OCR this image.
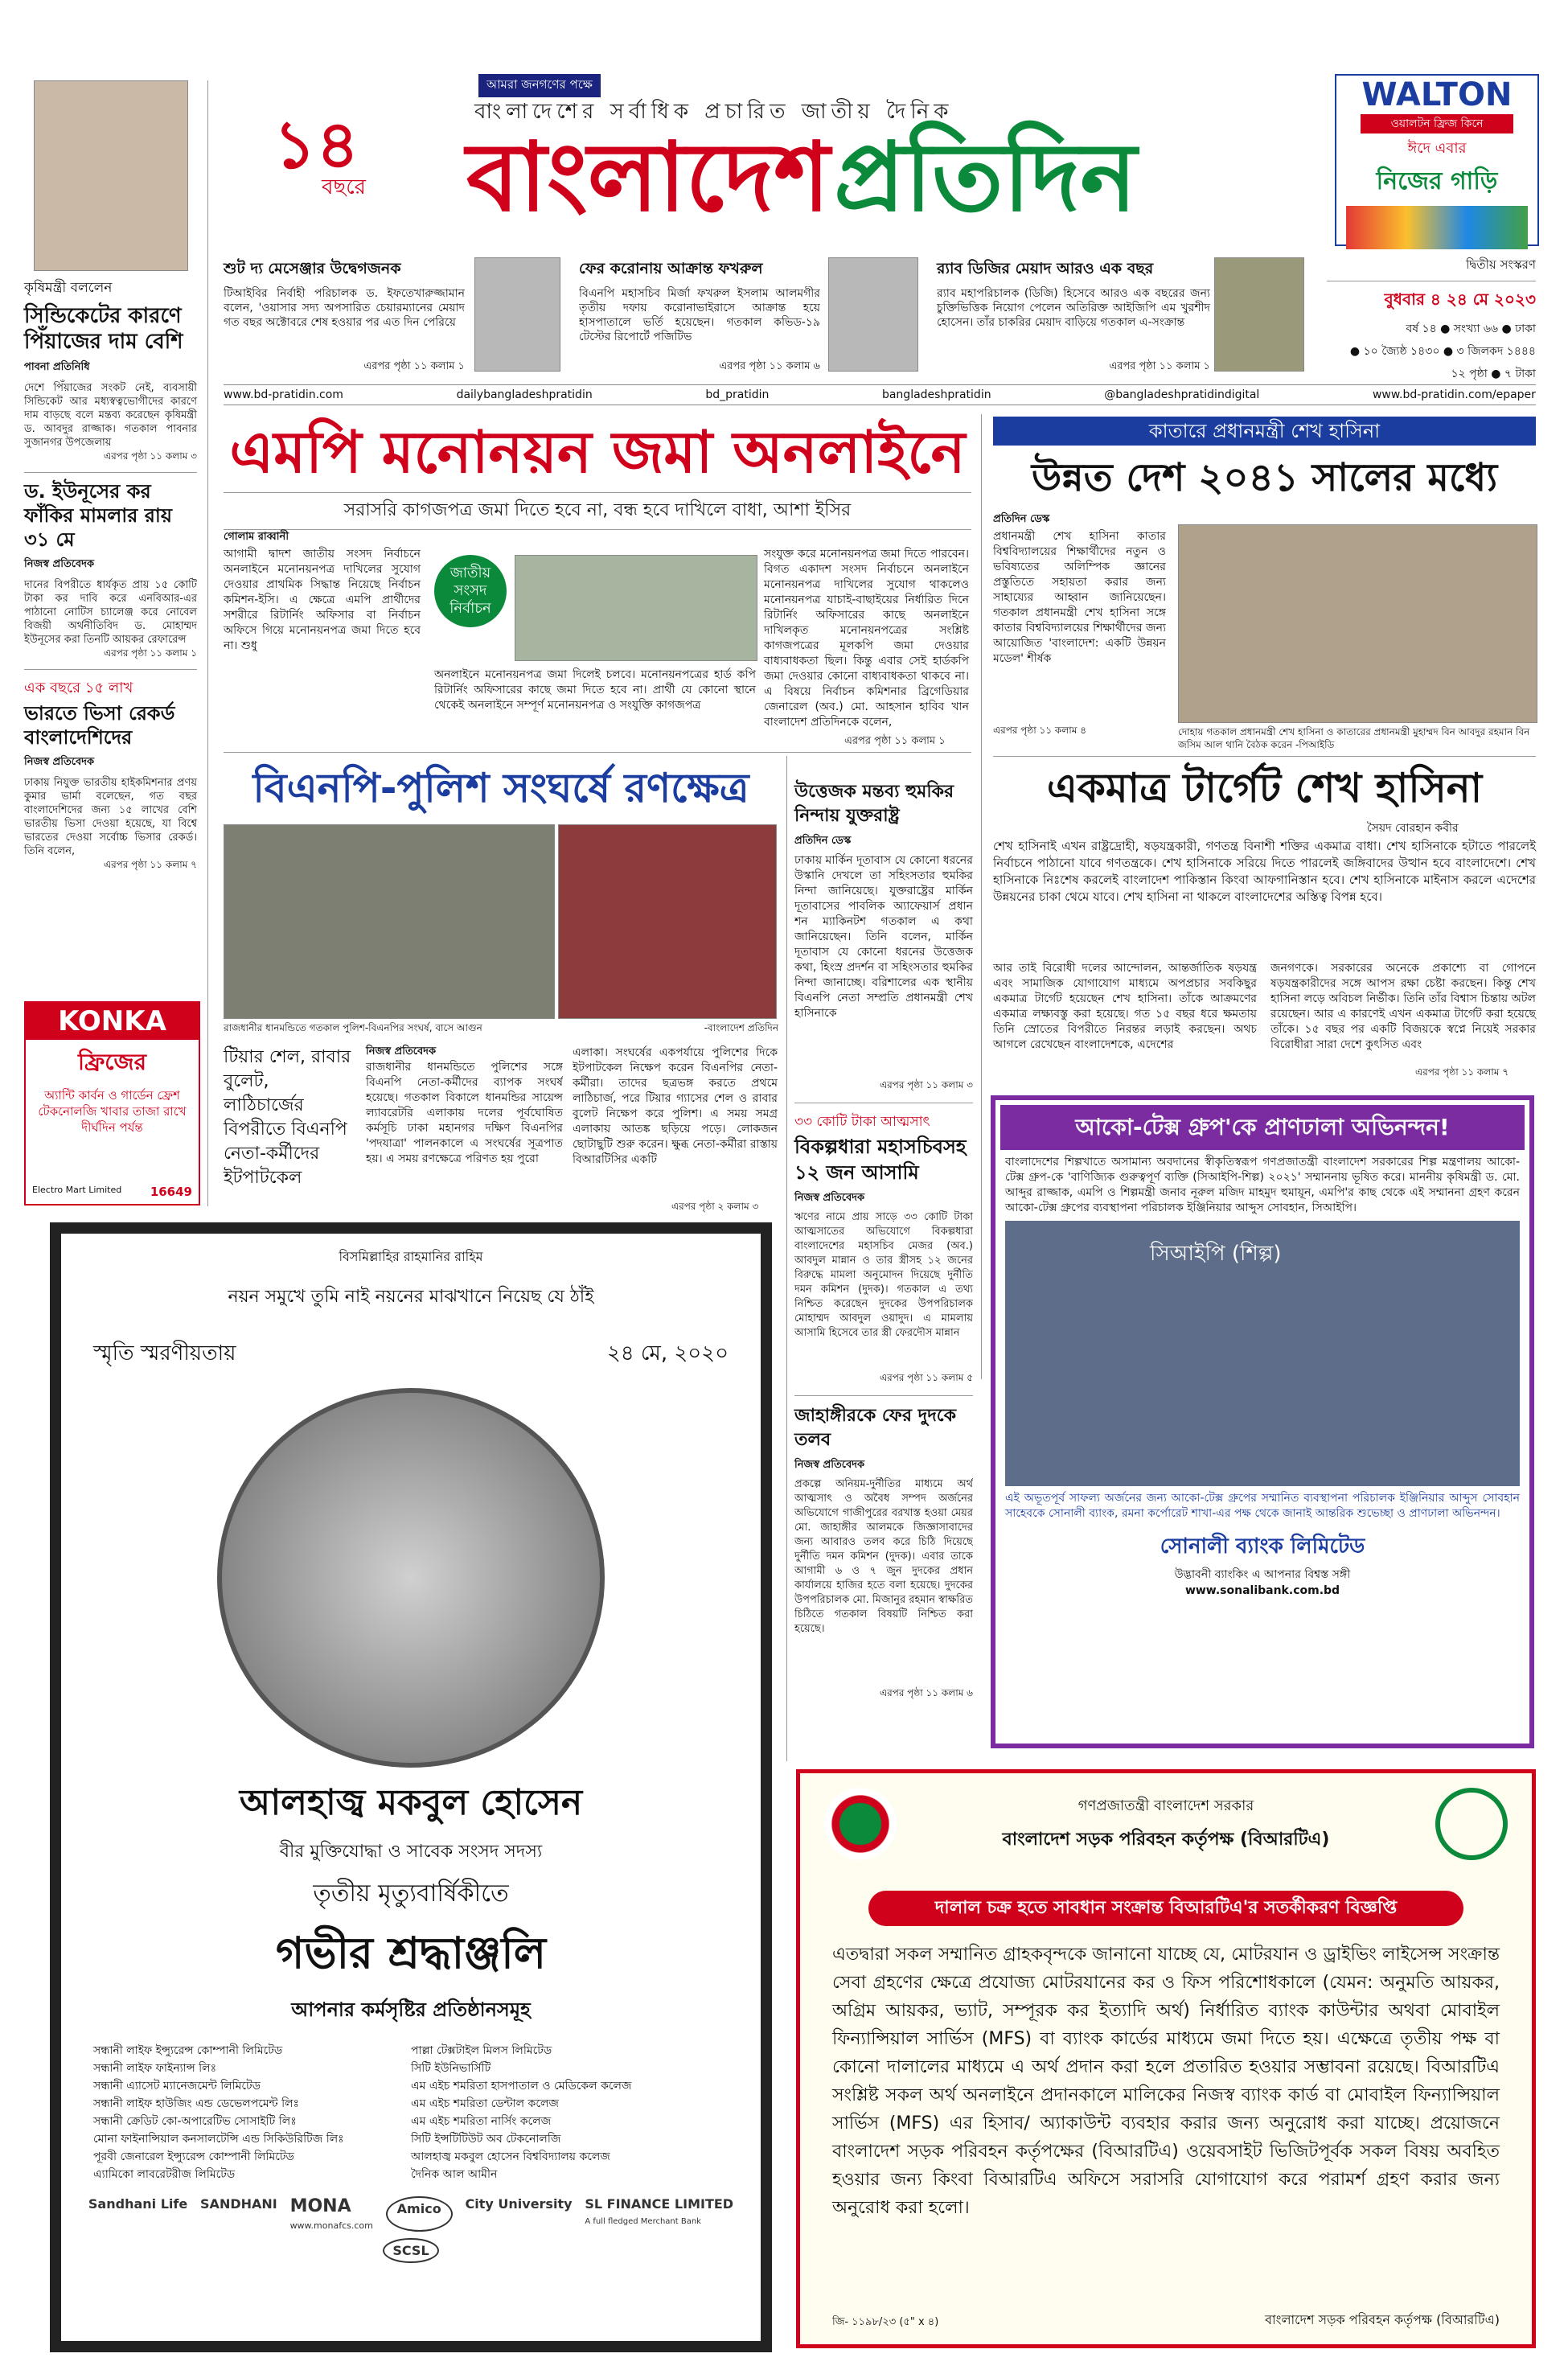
১৪
বছরে
আমরা জনগণের পক্ষে
বাংলাদেশের সর্বাধিক প্রচারিত জাতীয় দৈনিক
বাংলাদেশ প্রতিদিন
WALTON
ওয়ালটন ফ্রিজ কিনে
ঈদে এবার
নিজের গাড়ি
শুট দ্য মেসেঞ্জার উদ্বেগজনক
টিআইবির নির্বাহী পরিচালক ড. ইফতেখারুজ্জামান বলেন, 'ওয়াসার সদ্য অপসারিত চেয়ারম্যানের মেয়াদ গত বছর অক্টোবরে শেষ হওয়ার পর এত দিন পেরিয়ে
এরপর পৃষ্ঠা ১১ কলাম ১
ফের করোনায় আক্রান্ত ফখরুল
বিএনপি মহাসচিব মির্জা ফখরুল ইসলাম আলমগীর তৃতীয় দফায় করোনাভাইরাসে আক্রান্ত হয়ে হাসপাতালে ভর্তি হয়েছেন। গতকাল কভিড-১৯ টেস্টের রিপোর্টে পজিটিভ
এরপর পৃষ্ঠা ১১ কলাম ৬
র‌্যাব ডিজির মেয়াদ আরও এক বছর
র‌্যাব মহাপরিচালক (ডিজি) হিসেবে আরও এক বছরের জন্য চুক্তিভিত্তিক নিয়োগ পেলেন অতিরিক্ত আইজিপি এম খুরশীদ হোসেন। তাঁর চাকরির মেয়াদ বাড়িয়ে গতকাল এ-সংক্রান্ত
এরপর পৃষ্ঠা ১১ কলাম ১
দ্বিতীয় সংস্করণ
বুধবার ৪ ২৪ মে ২০২৩
বর্ষ ১৪ ● সংখ্যা ৬৬ ● ঢাকা
● ১০ জ্যৈষ্ঠ ১৪৩০ ● ৩ জিলকদ ১৪৪৪
১২ পৃষ্ঠা ● ৭ টাকা
www.bd-pratidin.com	dailybangladeshpratidin	bd_pratidin	bangladeshpratidin	@bangladeshpratidindigital	www.bd-pratidin.com/epaper
কৃষিমন্ত্রী বললেন
সিন্ডিকেটের কারণে পিঁয়াজের দাম বেশি
পাবনা প্রতিনিধি
দেশে পিঁয়াজের সংকট নেই, ব্যবসায়ী সিন্ডিকেট আর মধ্যস্বত্বভোগীদের কারণে দাম বাড়ছে বলে মন্তব্য করেছেন কৃষিমন্ত্রী ড. আবদুর রাজ্জাক। গতকাল পাবনার সুজানগর উপজেলায়
এরপর পৃষ্ঠা ১১ কলাম ৩
ড. ইউনূসের কর ফাঁকির মামলার রায় ৩১ মে
নিজস্ব প্রতিবেদক
দানের বিপরীতে ধার্যকৃত প্রায় ১৫ কোটি টাকা কর দাবি করে এনবিআর-এর পাঠানো নোটিস চ্যালেঞ্জ করে নোবেল বিজয়ী অর্থনীতিবিদ ড. মোহাম্মদ ইউনূসের করা তিনটি আয়কর রেফারেন্স
এরপর পৃষ্ঠা ১১ কলাম ১
এক বছরে ১৫ লাখ
ভারতে ভিসা রেকর্ড বাংলাদেশিদের
নিজস্ব প্রতিবেদক
ঢাকায় নিযুক্ত ভারতীয় হাইকমিশনার প্রণয় কুমার ভার্মা বলেছেন, গত বছর বাংলাদেশিদের জন্য ১৫ লাখের বেশি ভারতীয় ভিসা দেওয়া হয়েছে, যা বিশ্বে ভারতের দেওয়া সর্বোচ্চ ভিসার রেকর্ড। তিনি বলেন,
এরপর পৃষ্ঠা ১১ কলাম ৭
KONKA
ফ্রিজের
অ্যান্টি কার্বন ও গার্ডেন ফ্রেশ টেকনোলজি খাবার তাজা রাখে দীর্ঘদিন পর্যন্ত
Electro Mart Limited 16649
এমপি মনোনয়ন জমা অনলাইনে
সরাসরি কাগজপত্র জমা দিতে হবে না, বন্ধ হবে দাখিলে বাধা, আশা ইসির
গোলাম রাব্বানী
আগামী দ্বাদশ জাতীয় সংসদ নির্বাচনে অনলাইনে মনোনয়নপত্র দাখিলের সুযোগ দেওয়ার প্রাথমিক সিদ্ধান্ত নিয়েছে নির্বাচন কমিশন-ইসি। এ ক্ষেত্রে এমপি প্রার্থীদের সশরীরে রিটার্নিং অফিসার বা নির্বাচন অফিসে গিয়ে মনোনয়নপত্র জমা দিতে হবে না। শুধু
জাতীয়
সংসদ
নির্বাচন
অনলাইনে মনোনয়নপত্র জমা দিলেই চলবে। মনোনয়নপত্রের হার্ড কপি রিটার্নিং অফিসারের কাছে জমা দিতে হবে না। প্রার্থী যে কোনো স্থানে থেকেই অনলাইনে সম্পূর্ণ মনোনয়নপত্র ও সংযুক্তি কাগজপত্র
সংযুক্ত করে মনোনয়নপত্র জমা দিতে পারবেন। বিগত একাদশ সংসদ নির্বাচনে অনলাইনে মনোনয়নপত্র দাখিলের সুযোগ থাকলেও মনোনয়নপত্র যাচাই-বাছাইয়ের নির্ধারিত দিনে রিটার্নিং অফিসারের কাছে অনলাইনে দাখিলকৃত মনোনয়নপত্রের সংশ্লিষ্ট কাগজপত্রের মূলকপি জমা দেওয়ার বাধ্যবাধকতা ছিল। কিন্তু এবার সেই হার্ডকপি জমা দেওয়ার কোনো বাধ্যবাধকতা থাকবে না। এ বিষয়ে নির্বাচন কমিশনার ব্রিগেডিয়ার জেনারেল (অব.) মো. আহসান হাবিব খান বাংলাদেশ প্রতিদিনকে বলেন,
এরপর পৃষ্ঠা ১১ কলাম ১
কাতারে প্রধানমন্ত্রী শেখ হাসিনা
উন্নত দেশ ২০৪১ সালের মধ্যে
প্রতিদিন ডেস্ক
প্রধানমন্ত্রী শেখ হাসিনা কাতার বিশ্ববিদ্যালয়ের শিক্ষার্থীদের নতুন ও ভবিষ্যতের অলিম্পিক জ্ঞানের প্রস্তুতিতে সহায়তা করার জন্য সাহায্যের আহ্বান জানিয়েছেন। গতকাল প্রধানমন্ত্রী শেখ হাসিনা সঙ্গে কাতার বিশ্ববিদ্যালয়ের শিক্ষার্থীদের জন্য আয়োজিত 'বাংলাদেশ: একটি উন্নয়ন মডেল' শীর্ষক
এরপর পৃষ্ঠা ১১ কলাম ৪	দোহায় গতকাল প্রধানমন্ত্রী শেখ হাসিনা ও কাতারের প্রধানমন্ত্রী মুহাম্মদ বিন আবদুর রহমান বিন জসিম আল থানি বৈঠক করেন -পিআইডি
একমাত্র টার্গেট শেখ হাসিনা
সৈয়দ বোরহান কবীর
শেখ হাসিনাই এখন রাষ্ট্রদ্রোহী, ষড়যন্ত্রকারী, গণতন্ত্র বিনাশী শক্তির একমাত্র বাধা। শেখ হাসিনাকে হটাতে পারলেই নির্বাচনে পাঠানো যাবে গণতন্ত্রকে। শেখ হাসিনাকে সরিয়ে দিতে পারলেই জঙ্গিবাদের উত্থান হবে বাংলাদেশে। শেখ হাসিনাকে নিঃশেষ করলেই বাংলাদেশ পাকিস্তান কিংবা আফগানিস্তান হবে। শেখ হাসিনাকে মাইনাস করলে এদেশের উন্নয়নের চাকা থেমে যাবে। শেখ হাসিনা না থাকলে বাংলাদেশের অস্তিত্ব বিপন্ন হবে।
আর তাই বিরোধী দলের আন্দোলন, আন্তর্জাতিক ষড়যন্ত্র এবং সামাজিক যোগাযোগ মাধ্যমে অপপ্রচার সবকিছুর একমাত্র টার্গেট হয়েছেন শেখ হাসিনা। তাঁকে আক্রমণের একমাত্র লক্ষ্যবস্তু করা হয়েছে। গত ১৫ বছর ধরে ক্ষমতায় তিনি স্রোতের বিপরীতে নিরন্তর লড়াই করছেন। অথচ আগলে রেখেছেন বাংলাদেশকে, এদেশের
জনগণকে। সরকারের অনেকে প্রকাশ্যে বা গোপনে ষড়যন্ত্রকারীদের সঙ্গে আপস রক্ষা চেষ্টা করছেন। কিন্তু শেখ হাসিনা লড়ে অবিচল নির্ভীক। তিনি তাঁর বিশ্বাস চিন্তায় অটল রয়েছেন। আর এ কারণেই এখন একমাত্র টার্গেট করা হয়েছে তাঁকে। ১৫ বছর পর একটি বিজয়কে স্বপ্নে নিয়েই সরকার বিরোধীরা সারা দেশে কুৎসিত এবং
এরপর পৃষ্ঠা ১১ কলাম ৭
বিএনপি-পুলিশ সংঘর্ষে রণক্ষেত্র
রাজধানীর ধানমন্ডিতে গতকাল পুলিশ-বিএনপির সংঘর্ষ, বাসে আগুন	-বাংলাদেশ প্রতিদিন
টিয়ার শেল, রাবার বুলেট, লাঠিচার্জের বিপরীতে বিএনপি নেতা-কর্মীদের ইটপাটকেল
নিজস্ব প্রতিবেদক
রাজধানীর ধানমন্ডিতে পুলিশের সঙ্গে বিএনপি নেতা-কর্মীদের ব্যাপক সংঘর্ষ হয়েছে। গতকাল বিকালে ধানমন্ডির সায়েন্স ল্যাবরেটরি এলাকায় দলের পূর্বঘোষিত কর্মসূচি ঢাকা মহানগর দক্ষিণ বিএনপির 'পদযাত্রা' পালনকালে এ সংঘর্ষের সূত্রপাত হয়। এ সময় রণক্ষেত্রে পরিণত হয় পুরো
এলাকা। সংঘর্ষের একপর্যায়ে পুলিশের দিকে ইটপাটকেল নিক্ষেপ করেন বিএনপির নেতা-কর্মীরা। তাদের ছত্রভঙ্গ করতে প্রথমে লাঠিচার্জ, পরে টিয়ার গ্যাসের শেল ও রাবার বুলেট নিক্ষেপ করে পুলিশ। এ সময় সমগ্র এলাকায় আতঙ্ক ছড়িয়ে পড়ে। লোকজন ছোটাছুটি শুরু করেন। ক্ষুব্ধ নেতা-কর্মীরা রাস্তায় বিআরটিসির একটি
এরপর পৃষ্ঠা ২ কলাম ৩
উত্তেজক মন্তব্য হুমকির নিন্দায় যুক্তরাষ্ট্র
প্রতিদিন ডেস্ক
ঢাকায় মার্কিন দূতাবাস যে কোনো ধরনের উস্কানি দেখলে তা সহিংসতার হুমকির নিন্দা জানিয়েছে। যুক্তরাষ্ট্রের মার্কিন দূতাবাসের পাবলিক অ্যাফেয়ার্স প্রধান শন ম্যাকিনটশ গতকাল এ কথা জানিয়েছেন। তিনি বলেন, মার্কিন দূতাবাস যে কোনো ধরনের উত্তেজক কথা, হিংস্র প্রদর্শন বা সহিংসতার হুমকির নিন্দা জানাচ্ছে। বরিশালের এক স্থানীয় বিএনপি নেতা সম্প্রতি প্রধানমন্ত্রী শেখ হাসিনাকে
এরপর পৃষ্ঠা ১১ কলাম ৩
৩৩ কোটি টাকা আত্মসাৎ
বিকল্পধারা মহাসচিবসহ ১২ জন আসামি
নিজস্ব প্রতিবেদক
ঋণের নামে প্রায় সাড়ে ৩৩ কোটি টাকা আত্মসাতের অভিযোগে বিকল্পধারা বাংলাদেশের মহাসচিব মেজর (অব.) আবদুল মান্নান ও তার স্ত্রীসহ ১২ জনের বিরুদ্ধে মামলা অনুমোদন দিয়েছে দুর্নীতি দমন কমিশন (দুদক)। গতকাল এ তথ্য নিশ্চিত করেছেন দুদকের উপপরিচালক মোহাম্মদ আবদুল ওয়াদুদ। এ মামলায় আসামি হিসেবে তার স্ত্রী ফেরদৌস মান্নান
এরপর পৃষ্ঠা ১১ কলাম ৫
জাহাঙ্গীরকে ফের দুদকে তলব
নিজস্ব প্রতিবেদক
প্রকল্পে অনিয়ম-দুর্নীতির মাধ্যমে অর্থ আত্মসাৎ ও অবৈধ সম্পদ অর্জনের অভিযোগে গাজীপুরের বরখাস্ত হওয়া মেয়র মো. জাহাঙ্গীর আলমকে জিজ্ঞাসাবাদের জন্য আবারও তলব করে চিঠি দিয়েছে দুর্নীতি দমন কমিশন (দুদক)। এবার তাকে আগামী ৬ ও ৭ জুন দুদকের প্রধান কার্যালয়ে হাজির হতে বলা হয়েছে। দুদকের উপপরিচালক মো. মিজানুর রহমান স্বাক্ষরিত চিঠিতে গতকাল বিষয়টি নিশ্চিত করা হয়েছে।
এরপর পৃষ্ঠা ১১ কলাম ৬
আকো-টেক্স গ্রুপ'কে প্রাণঢালা অভিনন্দন!
বাংলাদেশের শিল্পখাতে অসামান্য অবদানের স্বীকৃতিস্বরূপ গণপ্রজাতন্ত্রী বাংলাদেশ সরকারের শিল্প মন্ত্রণালয় আকো-টেক্স গ্রুপ-কে 'বাণিজ্যিক গুরুত্বপূর্ণ ব্যক্তি (সিআইপি-শিল্প) ২০২১' সম্মাননায় ভূষিত করে। মাননীয় কৃষিমন্ত্রী ড. মো. আব্দুর রাজ্জাক, এমপি ও শিল্পমন্ত্রী জনাব নূরুল মজিদ মাহমুদ হুমায়ূন, এমপি'র কাছ থেকে এই সম্মাননা গ্রহণ করেন আকো-টেক্স গ্রুপের ব্যবস্থাপনা পরিচালক ইঞ্জিনিয়ার আব্দুস সোবহান, সিআইপি।
সিআইপি (শিল্প)
এই অভূতপূর্ব সাফল্য অর্জনের জন্য আকো-টেক্স গ্রুপের সম্মানিত ব্যবস্থাপনা পরিচালক ইঞ্জিনিয়ার আব্দুস সোবহান সাহেবকে সোনালী ব্যাংক, রমনা কর্পোরেট শাখা-এর পক্ষ থেকে জানাই আন্তরিক শুভেচ্ছা ও প্রাণঢালা অভিনন্দন।
সোনালী ব্যাংক লিমিটেড
উদ্ভাবনী ব্যাংকিং এ আপনার বিশ্বস্ত সঙ্গী
www.sonalibank.com.bd
বিসমিল্লাহির রাহমানির রাহিম
নয়ন সমুখে তুমি নাই নয়নের মাঝখানে নিয়েছ যে ঠাঁই
স্মৃতি স্মরণীয়তায়	২৪ মে, ২০২০
আলহাজ্ব মকবুল হোসেন
বীর মুক্তিযোদ্ধা ও সাবেক সংসদ সদস্য
তৃতীয় মৃত্যুবার্ষিকীতে
গভীর শ্রদ্ধাঞ্জলি
আপনার কর্মসৃষ্টির প্রতিষ্ঠানসমূহ
সন্ধানী লাইফ ইন্স্যুরেন্স কোম্পানী লিমিটেড
সন্ধানী লাইফ ফাইন্যান্স লিঃ
সন্ধানী এ্যাসেট ম্যানেজমেন্ট লিমিটেড
সন্ধানী লাইফ হাউজিং এন্ড ডেভেলপমেন্ট লিঃ
সন্ধানী ক্রেডিট কো-অপারেটিভ সোসাইটি লিঃ
মোনা ফাইনান্সিয়াল কনসালটেন্সি এন্ড সিকিউরিটিজ লিঃ
পূরবী জেনারেল ইন্স্যুরেন্স কোম্পানী লিমিটেড
এ্যামিকো লাবরেটরীজ লিমিটেড
পাল্লা টেক্সটাইল মিলস লিমিটেড
সিটি ইউনিভার্সিটি
এম এইচ শমরিতা হাসপাতাল ও মেডিকেল কলেজ
এম এইচ শমরিতা ডেন্টাল কলেজ
এম এইচ শমরিতা নার্সিং কলেজ
সিটি ইন্সটিটিউট অব টেকনোলজি
আলহাজ্ব মকবুল হোসেন বিশ্ববিদ্যালয় কলেজ
দৈনিক আল আমীন
Sandhani Life SANDHANI MONA
www.monafcs.com
Amico	City University SL FINANCE LIMITED
A full fledged Merchant Bank
SCSL
গণপ্রজাতন্ত্রী বাংলাদেশ সরকার
বাংলাদেশ সড়ক পরিবহন কর্তৃপক্ষ (বিআরটিএ)
দালাল চক্র হতে সাবধান সংক্রান্ত বিআরটিএ'র সতর্কীকরণ বিজ্ঞপ্তি
এতদ্বারা সকল সম্মানিত গ্রাহকবৃন্দকে জানানো যাচ্ছে যে, মোটরযান ও ড্রাইভিং লাইসেন্স সংক্রান্ত সেবা গ্রহণের ক্ষেত্রে প্রযোজ্য মোটরযানের কর ও ফিস পরিশোধকালে (যেমন: অনুমতি আয়কর, অগ্রিম আয়কর, ভ্যাট, সম্পূরক কর ইত্যাদি অর্থ) নির্ধারিত ব্যাংক কাউন্টার অথবা মোবাইল ফিন্যান্সিয়াল সার্ভিস (MFS) বা ব্যাংক কার্ডের মাধ্যমে জমা দিতে হয়। এক্ষেত্রে তৃতীয় পক্ষ বা কোনো দালালের মাধ্যমে এ অর্থ প্রদান করা হলে প্রতারিত হওয়ার সম্ভাবনা রয়েছে। বিআরটিএ সংশ্লিষ্ট সকল অর্থ অনলাইনে প্রদানকালে মালিকের নিজস্ব ব্যাংক কার্ড বা মোবাইল ফিন্যান্সিয়াল সার্ভিস (MFS) এর হিসাব/ অ্যাকাউন্ট ব্যবহার করার জন্য অনুরোধ করা যাচ্ছে। প্রয়োজনে বাংলাদেশ সড়ক পরিবহন কর্তৃপক্ষের (বিআরটিএ) ওয়েবসাইট ভিজিটপূর্বক সকল বিষয় অবহিত হওয়ার জন্য কিংবা বিআরটিএ অফিসে সরাসরি যোগাযোগ করে পরামর্শ গ্রহণ করার জন্য অনুরোধ করা হলো।
জি- ১১৯৮/২৩ (৫" x ৪)	বাংলাদেশ সড়ক পরিবহন কর্তৃপক্ষ (বিআরটিএ)
